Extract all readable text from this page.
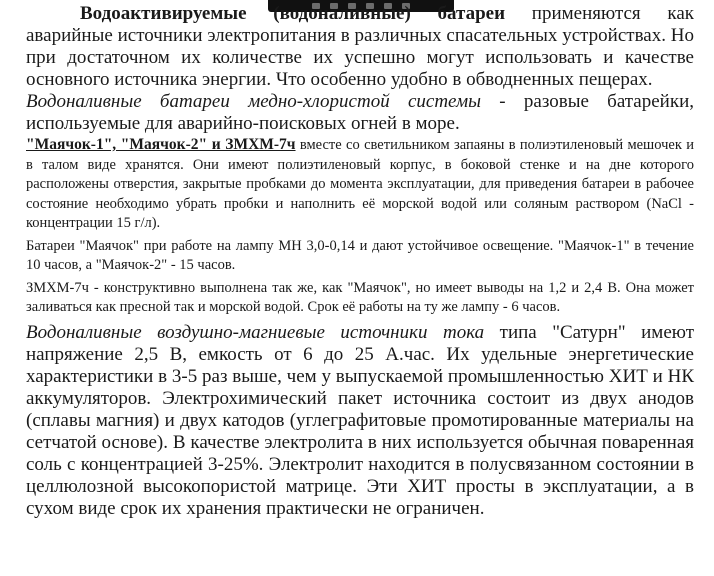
Водоактивируемые (водоналивные) батареи применяются как аварийные источники электропитания в различных спасательных устройствах. Но при достаточном их количестве их успешно могут использовать и качестве основного источника энергии. Что особенно удобно в обводненных пещерах.

Водоналивные батареи медно-хлористой системы - разовые батарейки, используемые для аварийно-поисковых огней в море.

"Маячок-1", "Маячок-2" и ЗМХМ-7ч вместе со светильником запаяны в полиэтиленовый мешочек и в талом виде хранятся. Они имеют полиэтиленовый корпус, в боковой стенке и на дне которого расположены отверстия, закрытые пробками до момента эксплуатации, для приведения батареи в рабочее состояние необходимо убрать пробки и наполнить её морской водой или соляным раствором (NaCl - концентрации 15 г/л).

Батареи "Маячок" при работе на лампу МН 3,0-0,14 и дают устойчивое освещение. "Маячок-1" в течение 10 часов, а "Маячок-2" - 15 часов.

ЗМХМ-7ч - конструктивно выполнена так же, как "Маячок", но имеет выводы на 1,2 и 2,4 В. Она может заливаться как пресной так и морской водой. Срок её работы на ту же лампу - 6 часов.

Водоналивные воздушно-магниевые источники тока типа "Сатурн" имеют напряжение 2,5 В, емкость от 6 до 25 А.час. Их удельные энергетические характеристики в 3-5 раз выше, чем у выпускаемой промышленностью ХИТ и НК аккумуляторов. Электрохимический пакет источника состоит из двух анодов (сплавы магния) и двух катодов (углеграфитовые промотированные материалы на сетчатой основе). В качестве электролита в них используется обычная поваренная соль с концентрацией 3-25%. Электролит находится в полусвязанном состоянии в целлюлозной высокопористой матрице. Эти ХИТ просты в эксплуатации, а в сухом виде срок их хранения практически не ограничен.
